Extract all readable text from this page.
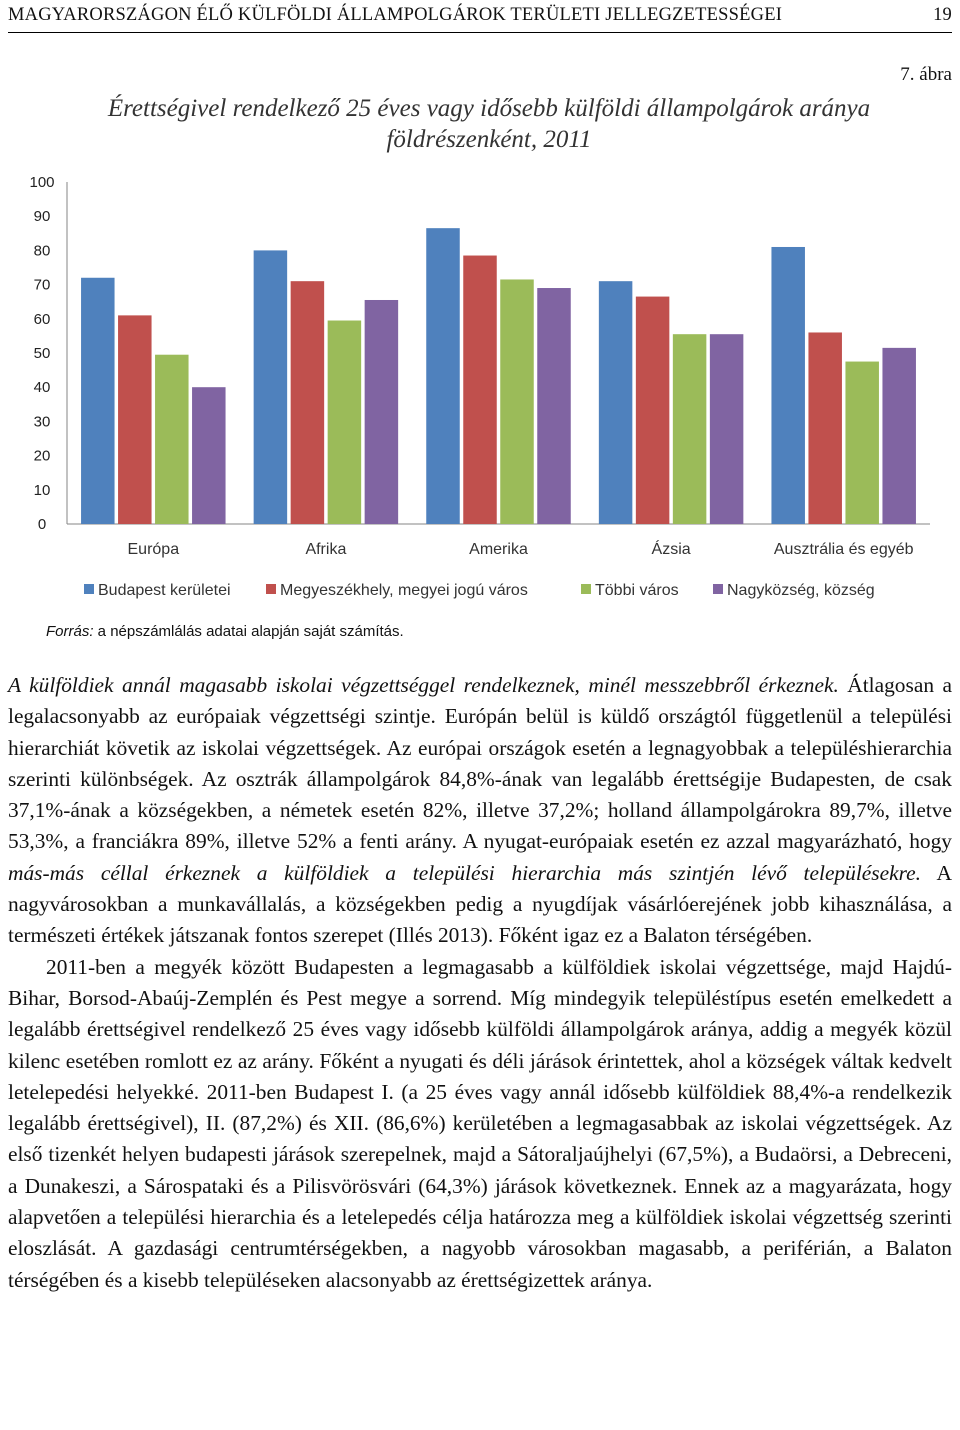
MAGYARORSZÁGON ÉLŐ KÜLFÖLDI ÁLLAMPOLGÁROK TERÜLETI JELLEGZETESSÉGEI	19
7. ábra
Érettségivel rendelkező 25 éves vagy idősebb külföldi állampolgárok aránya földrészenként, 2011
0
10
20
30
40
50
60
70
80
90
100
Európa	Afrika	Amerika	Ázsia	Ausztrália és egyéb
Budapest kerületei	Megyeszékhely, megyei jogú város	Többi város	Nagyközség, község
Forrás: a népszámlálás adatai alapján saját számítás.

A külföldiek annál magasabb iskolai végzettséggel rendelkeznek, minél messzebbről érkeznek. Átlagosan a legalacsonyabb az európaiak végzettségi szintje. Európán belül is küldő országtól függetlenül a települési hierarchiát követik az iskolai végzettségek. Az európai országok esetén a legnagyobbak a településhierarchia szerinti különbségek. Az osztrák állampolgárok 84,8%-ának van legalább érettségije Budapesten, de csak 37,1%-ának a községekben, a németek esetén 82%, illetve 37,2%; holland állampolgárokra 89,7%, illetve 53,3%, a franciákra 89%, illetve 52% a fenti arány. A nyugat-európaiak esetén ez azzal magyarázható, hogy más-más céllal érkeznek a külföldiek a települési hierarchia más szintjén lévő településekre. A nagyvárosokban a munkavállalás, a községekben pedig a nyugdíjak vásárlóerejének jobb kihasználása, a természeti értékek játszanak fontos szerepet (Illés 2013). Főként igaz ez a Balaton térségében.

2011-ben a megyék között Budapesten a legmagasabb a külföldiek iskolai végzettsége, majd Hajdú-Bihar, Borsod-Abaúj-Zemplén és Pest megye a sorrend. Míg mindegyik településtípus esetén emelkedett a legalább érettségivel rendelkező 25 éves vagy idősebb külföldi állampolgárok aránya, addig a megyék közül kilenc esetében romlott ez az arány. Főként a nyugati és déli járások érintettek, ahol a községek váltak kedvelt letelepedési helyekké. 2011-ben Budapest I. (a 25 éves vagy annál idősebb külföldiek 88,4%-a rendelkezik legalább érettségivel), II. (87,2%) és XII. (86,6%) kerületében a legmagasabbak az iskolai végzettségek. Az első tizenkét helyen budapesti járások szerepelnek, majd a Sátoraljaújhelyi (67,5%), a Budaörsi, a Debreceni, a Dunakeszi, a Sárospataki és a Pilisvörösvári (64,3%) járások következnek. Ennek az a magyarázata, hogy alapvetően a települési hierarchia és a letelepedés célja határozza meg a külföldiek iskolai végzettség szerinti eloszlását. A gazdasági centrumtérségekben, a nagyobb városokban magasabb, a periférián, a Balaton térségében és a kisebb településeken alacsonyabb az érettségizettek aránya.
